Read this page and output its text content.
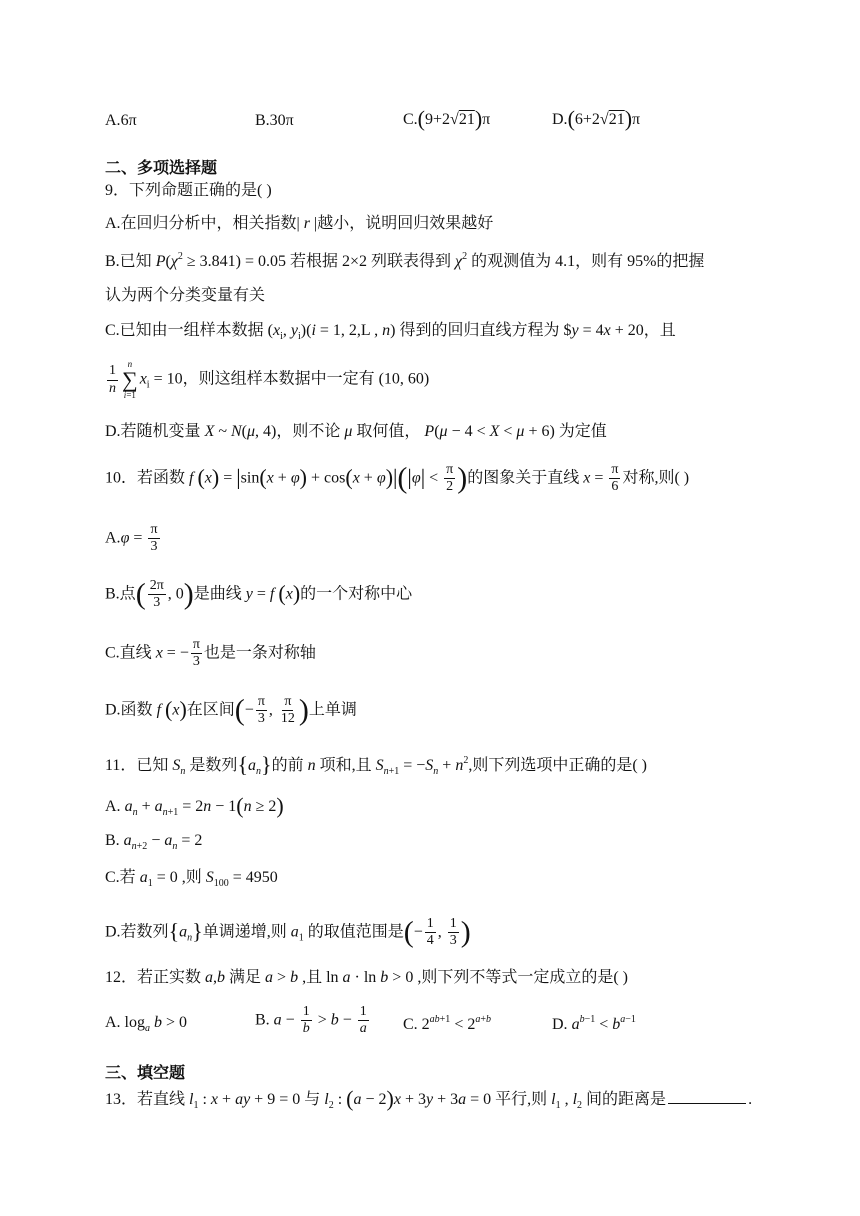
A.6π	B.30π	C.(9+2√21)π	D.(6+2√21)π
二、多项选择题
9．下列命题正确的是( )
A.在回归分析中，相关指数| r |越小，说明回归效果越好
B.已知 $P(\chi^2 \ge 3.841) = 0.05$ 若根据 2×2 列联表得到 $\chi^2$ 的观测值为 4.1，则有 95%的把握
认为两个分类变量有关
C.已知由一组样本数据 ($x_i$, $y_i)(i = 1$, 2,L , n) 得到的回归直线方程为 $y = 4x + 20，且
$\frac{1}{n}$ n
∑
i=1
$x_i = 10$，则这组样本数据中一定有 (10, 60)
D.若随机变量 X ~ N(μ, 4)，则不论 μ 取何值， P(μ − 4 < X < μ + 6) 为定值
10．若函数 f $(x) = |\sin(x + \varphi) + \cos(x + \varphi)|(|\varphi| < \frac{\pi}{2}$ )的图象关于直线 $x = \frac{\pi}{6}$ 对称,则( )
$A.\varphi = \frac{\pi}{3}$
B.点( $\frac{2\pi}{3}$ , 0)是曲线 y = f (x)的一个对称中心
C.直线 x = − $\frac{\pi}{3}$ 也是一条对称轴
D.函数 f (x)在区间(− $\frac{\pi}{3}$ , $\frac{\pi}{12}$ )上单调
11．已知 $S_n$ 是数列$\{a_n\}$的前 n 项和,且 $S_{n+1} = -S_n + n^2$,则下列选项中正确的是( )
A. $a_n + a_{n+1} = 2n - 1(n \ge 2)$
B. $a_{n+2} - a_n = 2$
C.若 $a_1 = 0$ ,则 $S_{100} = 4950$
D.若数列$\{a_n\}$单调递增,则 $a_1$ 的取值范围是(− $\frac{1}{4}$ , $\frac{1}{3}$ )
12．若正实数 a,b 满足 a > b ,且 ln a · ln b > 0 ,则下列不等式一定成立的是( )
A. $\log_a b > 0$	B. $a - \frac{1}{b} > b - \frac{1}{a} C$. $2^{ab+1} < 2^{a+b}$	D. $a^{b-1} < b^{a-1}$
三、填空题
13．若直线 $l_1$ : x + ay + 9 = 0 与 $l_2$ : (a − 2)x + 3y + 3a = 0 平行,则 $l_1$ , $l_2$ 间的距离是	.
